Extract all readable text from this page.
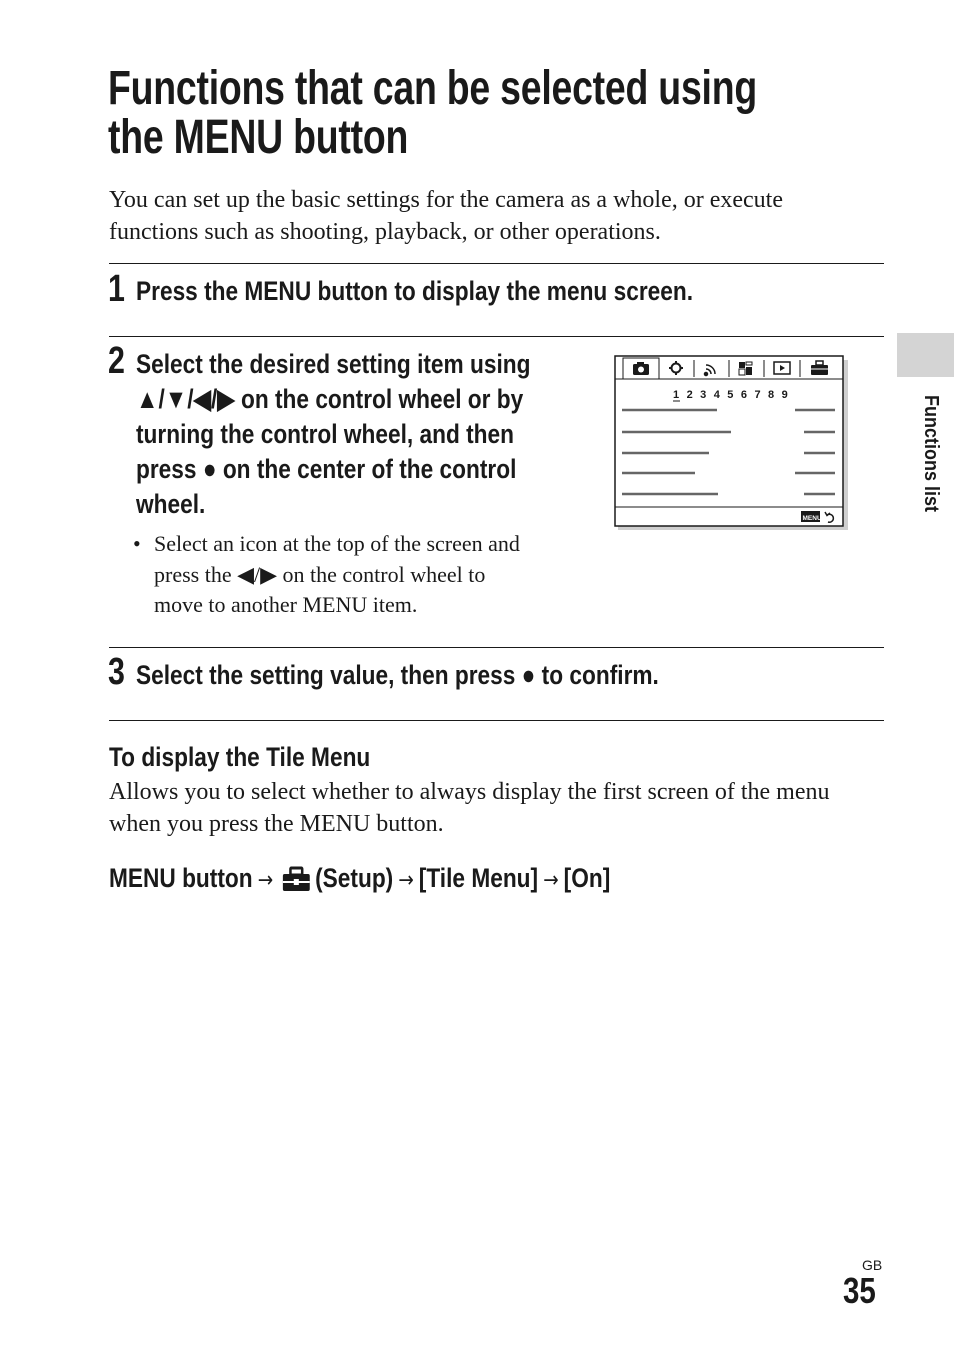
Functions that can be selected using
the MENU button
You can set up the basic settings for the camera as a whole, or execute
functions such as shooting, playback, or other operations.
1 Press the MENU button to display the menu screen.
2 Select the desired setting item using
▲/▼/◀/▶ on the control wheel or by
turning the control wheel, and then
press ● on the center of the control
wheel.
• Select an icon at the top of the screen and
press the ◀/▶ on the control wheel to
move to another MENU item.
1 2 3 4 5 6 7 8 9
MENU
3 Select the setting value, then press ● to confirm.
To display the Tile Menu
Allows you to select whether to always display the first screen of the menu
when you press the MENU button.
MENU button → (Setup) → [Tile Menu] → [On]
Functions list
GB
35
